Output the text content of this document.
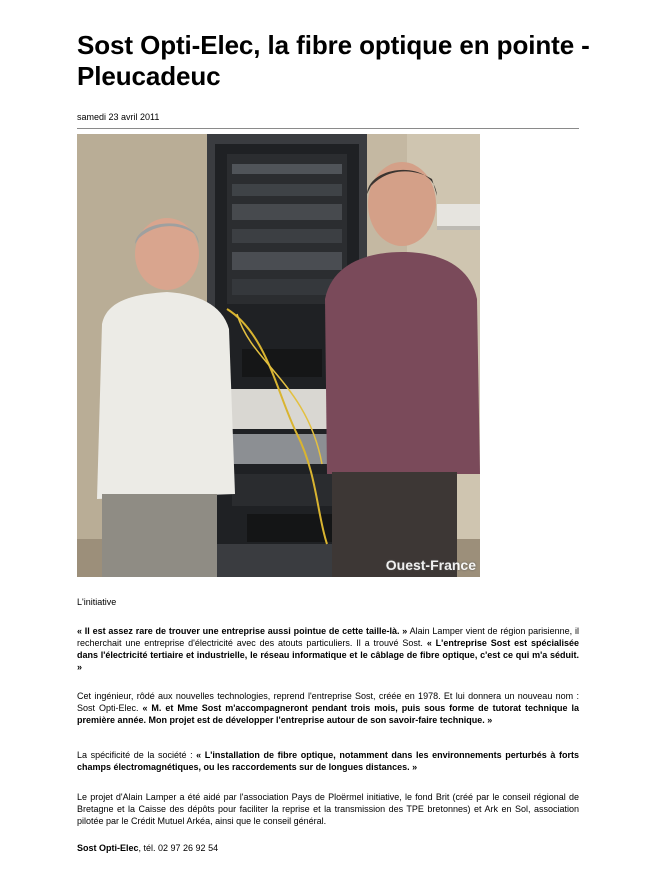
Sost Opti-Elec, la fibre optique en pointe - Pleucadeuc
samedi 23 avril 2011
Ouest-France
L'initiative

« Il est assez rare de trouver une entreprise aussi pointue de cette taille-là. » Alain Lamper vient de région parisienne, il recherchait une entreprise d'électricité avec des atouts particuliers. Il a trouvé Sost. « L'entreprise Sost est spécialisée dans l'électricité tertiaire et industrielle, le réseau informatique et le câblage de fibre optique, c'est ce qui m'a séduit. »

Cet ingénieur, rôdé aux nouvelles technologies, reprend l'entreprise Sost, créée en 1978. Et lui donnera un nouveau nom : Sost Opti-Elec. « M. et Mme Sost m'accompagneront pendant trois mois, puis sous forme de tutorat technique la première année. Mon projet est de développer l'entreprise autour de son savoir-faire technique. »

La spécificité de la société : « L'installation de fibre optique, notamment dans les environnements perturbés à forts champs électromagnétiques, ou les raccordements sur de longues distances. »

Le projet d'Alain Lamper a été aidé par l'association Pays de Ploërmel initiative, le fond Brit (créé par le conseil régional de Bretagne et la Caisse des dépôts pour faciliter la reprise et la transmission des TPE bretonnes) et Ark en Sol, association pilotée par le Crédit Mutuel Arkéa, ainsi que le conseil général.

Sost Opti-Elec, tél. 02 97 26 92 54
